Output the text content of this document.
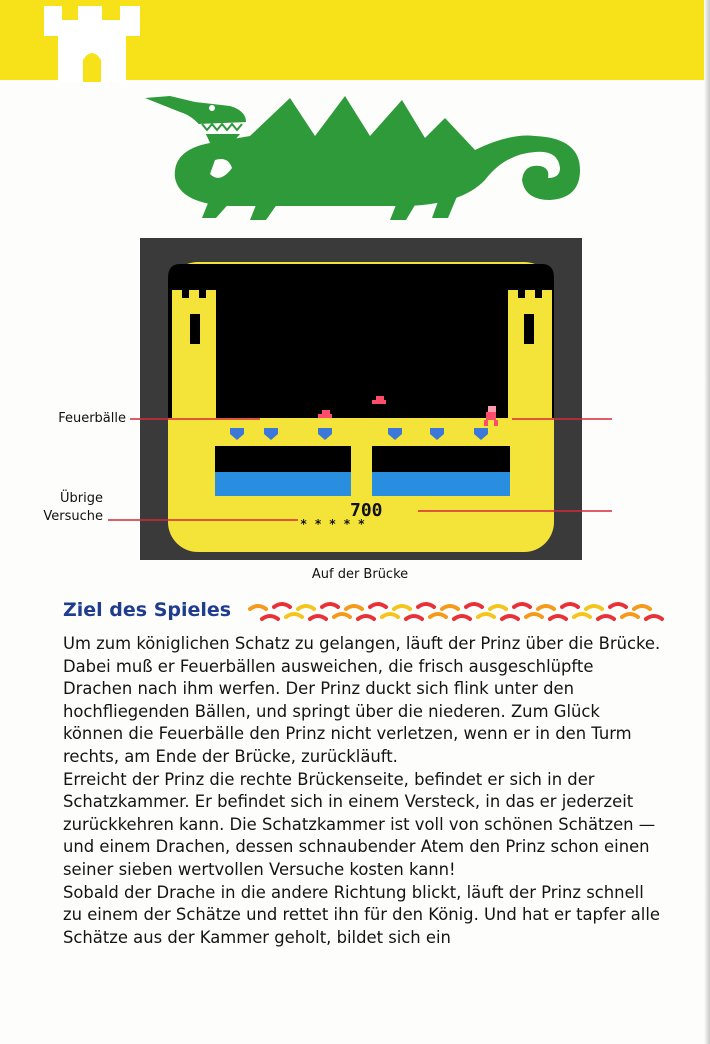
700
* * * * *
Feuerbälle
Übrige
Versuche
Auf der Brücke
Ziel des Spieles

Um zum königlichen Schatz zu gelangen, läuft der Prinz über die Brücke. Dabei muß er Feuerbällen ausweichen, die frisch ausgeschlüpfte Drachen nach ihm werfen. Der Prinz duckt sich flink unter den hochfliegenden Bällen, und springt über die niederen. Zum Glück können die Feuerbälle den Prinz nicht verletzen, wenn er in den Turm rechts, am Ende der Brücke, zurückläuft.

Erreicht der Prinz die rechte Brückenseite, befindet er sich in der Schatzkammer. Er befindet sich in einem Versteck, in das er jederzeit zurückkehren kann. Die Schatzkammer ist voll von schönen Schätzen — und einem Drachen, dessen schnaubender Atem den Prinz schon einen seiner sieben wertvollen Versuche kosten kann!

Sobald der Drache in die andere Richtung blickt, läuft der Prinz schnell zu einem der Schätze und rettet ihn für den König. Und hat er tapfer alle Schätze aus der Kammer geholt, bildet sich ein
